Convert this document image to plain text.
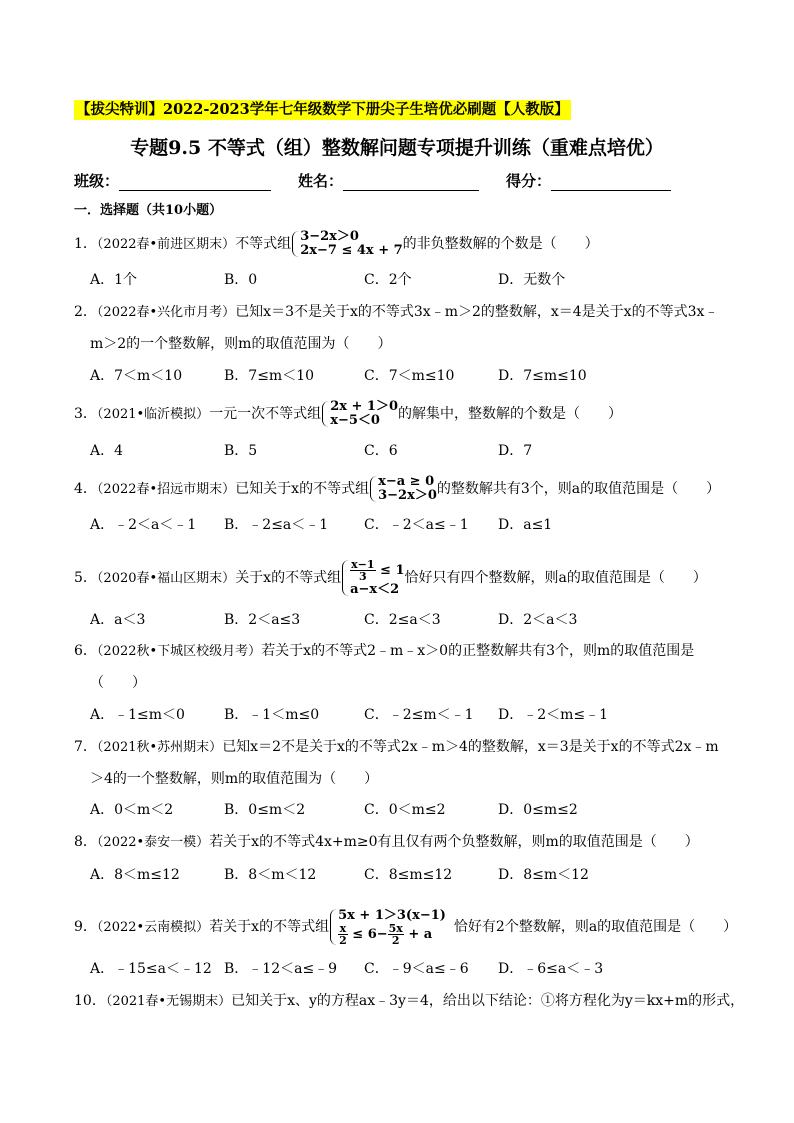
【拔尖特训】2022-2023学年七年级数学下册尖子生培优必刷题【人教版】
专题9.5 不等式（组）整数解问题专项提升训练（重难点培优）
班级：	姓名：	得分：
一．选择题（共10小题）
1．（2022春•前进区期末）不等式组 3−2x＞0
2x−7 ≤ 4x + 7 的非负整数解的个数是（　　）
A．1个	B．0	C．2个	D．无数个
2．（2022春•兴化市月考）已知x＝3不是关于x的不等式3x﹣m＞2的整数解，x＝4是关于x的不等式3x﹣
m＞2的一个整数解，则m的取值范围为（　　）
A．7＜m＜10	B．7≤m＜10	C．7＜m≤10	D．7≤m≤10
3．（2021•临沂模拟）一元一次不等式组 2x + 1＞0
x−5＜0	的解集中，整数解的个数是（　　）
A．4	B．5	C．6	D．7
4．（2022春•招远市期末）已知关于x的不等式组 x−a ≥ 0
3−2x＞0 的整数解共有3个，则a的取值范围是（　　）
A．﹣2＜a＜﹣1 B．﹣2≤a＜﹣1	C．﹣2＜a≤﹣1 D．a≤1
5．（2020春•福山区期末）关于x的不等式组 $\frac{x-1}{3} \le 1$
a−x＜2
恰好只有四个整数解，则a的取值范围是（　　）
A．a＜3	B．2＜a≤3	C．2≤a＜3	D．2＜a＜3
6．（2022秋•下城区校级月考）若关于x的不等式2﹣m﹣x＞0的正整数解共有3个，则m的取值范围是
（　　）
A．﹣1≤m＜0	B．﹣1＜m≤0	C．﹣2≤m＜﹣1 D．﹣2＜m≤﹣1
7．（2021秋•苏州期末）已知x＝2不是关于x的不等式2x﹣m＞4的整数解，x＝3是关于x的不等式2x﹣m
＞4的一个整数解，则m的取值范围为（　　）
A．0＜m＜2	B．0≤m＜2	C．0＜m≤2	D．0≤m≤2
8．（2022•泰安一模）若关于x的不等式4x+m≥0有且仅有两个负整数解，则m的取值范围是（　　）
A．8＜m≤12	B．8＜m＜12	C．8≤m≤12	D．8≤m＜12
9．（2022•云南模拟）若关于x的不等式组
5x + 1＞3(x−1)
$\frac{x}{2} \le 6- \frac{5x}{2} + a$	恰好有2个整数解，则a的取值范围是（　　）
A．﹣15≤a＜﹣12 B．﹣12＜a≤﹣9 C．﹣9＜a≤﹣6 D．﹣6≤a＜﹣3
10．（2021春•无锡期末）已知关于x、y的方程ax﹣3y＝4，给出以下结论：①将方程化为y＝kx+m的形式，
